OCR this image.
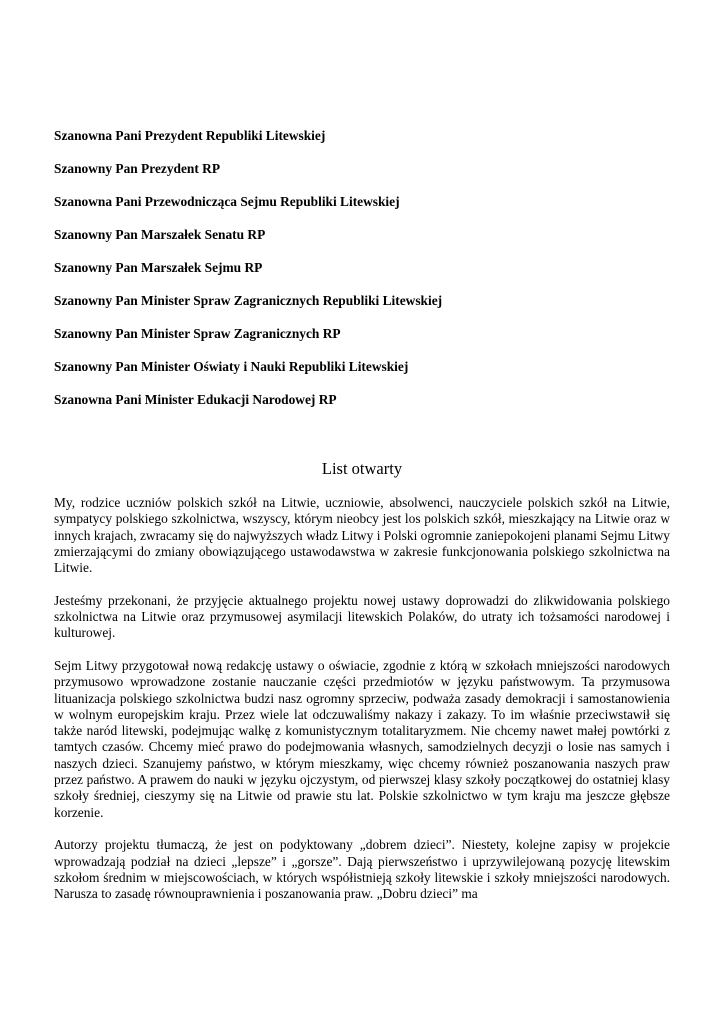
Szanowna Pani Prezydent Republiki Litewskiej
Szanowny Pan Prezydent RP
Szanowna Pani Przewodnicząca Sejmu Republiki Litewskiej
Szanowny Pan Marszałek Senatu RP
Szanowny Pan Marszałek Sejmu RP
Szanowny Pan Minister Spraw Zagranicznych Republiki Litewskiej
Szanowny Pan Minister Spraw Zagranicznych RP
Szanowny Pan Minister Oświaty i Nauki Republiki Litewskiej
Szanowna Pani Minister Edukacji Narodowej RP
List otwarty

My, rodzice uczniów polskich szkół na Litwie, uczniowie, absolwenci, nauczyciele polskich szkół na Litwie, sympatycy polskiego szkolnictwa, wszyscy, którym nieobcy jest los polskich szkół, mieszkający na Litwie oraz w innych krajach, zwracamy się do najwyższych władz Litwy i Polski ogromnie zaniepokojeni planami Sejmu Litwy zmierzającymi do zmiany obowiązującego ustawodawstwa w zakresie funkcjonowania polskiego szkolnictwa na Litwie.

Jesteśmy przekonani, że przyjęcie aktualnego projektu nowej ustawy doprowadzi do zlikwidowania polskiego szkolnictwa na Litwie oraz przymusowej asymilacji litewskich Polaków, do utraty ich tożsamości narodowej i kulturowej.

Sejm Litwy przygotował nową redakcję ustawy o oświacie, zgodnie z którą w szkołach mniejszości narodowych przymusowo wprowadzone zostanie nauczanie części przedmiotów w języku państwowym. Ta przymusowa lituanizacja polskiego szkolnictwa budzi nasz ogromny sprzeciw, podważa zasady demokracji i samostanowienia w wolnym europejskim kraju. Przez wiele lat odczuwaliśmy nakazy i zakazy. To im właśnie przeciwstawił się także naród litewski, podejmując walkę z komunistycznym totalitaryzmem. Nie chcemy nawet małej powtórki z tamtych czasów. Chcemy mieć prawo do podejmowania własnych, samodzielnych decyzji o losie nas samych i naszych dzieci. Szanujemy państwo, w którym mieszkamy, więc chcemy również poszanowania naszych praw przez państwo. A prawem do nauki w języku ojczystym, od pierwszej klasy szkoły początkowej do ostatniej klasy szkoły średniej, cieszymy się na Litwie od prawie stu lat. Polskie szkolnictwo w tym kraju ma jeszcze głębsze korzenie.

Autorzy projektu tłumaczą, że jest on podyktowany „dobrem dzieci”. Niestety, kolejne zapisy w projekcie wprowadzają podział na dzieci „lepsze” i „gorsze”. Dają pierwszeństwo i uprzywilejowaną pozycję litewskim szkołom średnim w miejscowościach, w których współistnieją szkoły litewskie i szkoły mniejszości narodowych. Narusza to zasadę równouprawnienia i poszanowania praw. „Dobru dzieci” ma
